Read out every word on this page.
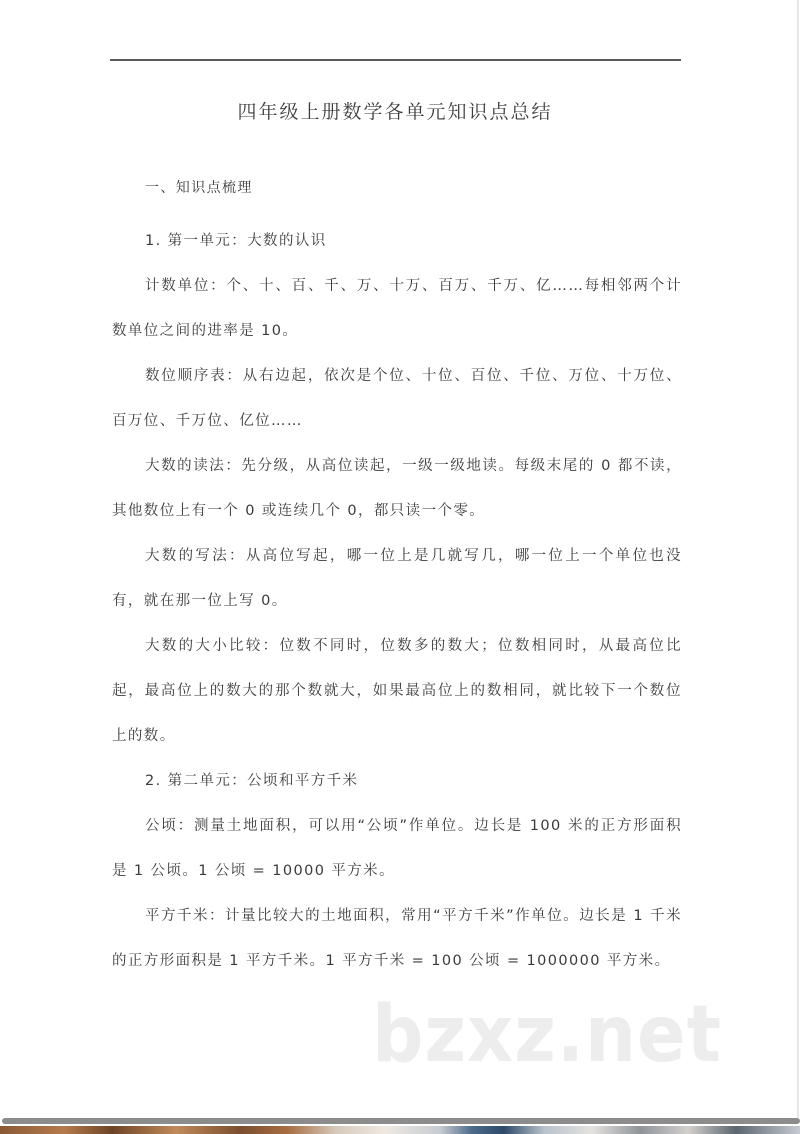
四年级上册数学各单元知识点总结

一、知识点梳理

1. 第一单元：大数的认识

计数单位：个、十、百、千、万、十万、百万、千万、亿……每相邻两个计数单位之间的进率是 10。

数位顺序表：从右边起，依次是个位、十位、百位、千位、万位、十万位、百万位、千万位、亿位……

大数的读法：先分级，从高位读起，一级一级地读。每级末尾的 0 都不读，其他数位上有一个 0 或连续几个 0，都只读一个零。

大数的写法：从高位写起，哪一位上是几就写几，哪一位上一个单位也没有，就在那一位上写 0。

大数的大小比较：位数不同时，位数多的数大；位数相同时，从最高位比起，最高位上的数大的那个数就大，如果最高位上的数相同，就比较下一个数位上的数。

2. 第二单元：公顷和平方千米

公顷：测量土地面积，可以用“公顷”作单位。边长是 100 米的正方形面积是 1 公顷。1 公顷 = 10000 平方米。

平方千米：计量比较大的土地面积，常用“平方千米”作单位。边长是 1 千米的正方形面积是 1 平方千米。1 平方千米 = 100 公顷 = 1000000 平方米。

bzxz.net
